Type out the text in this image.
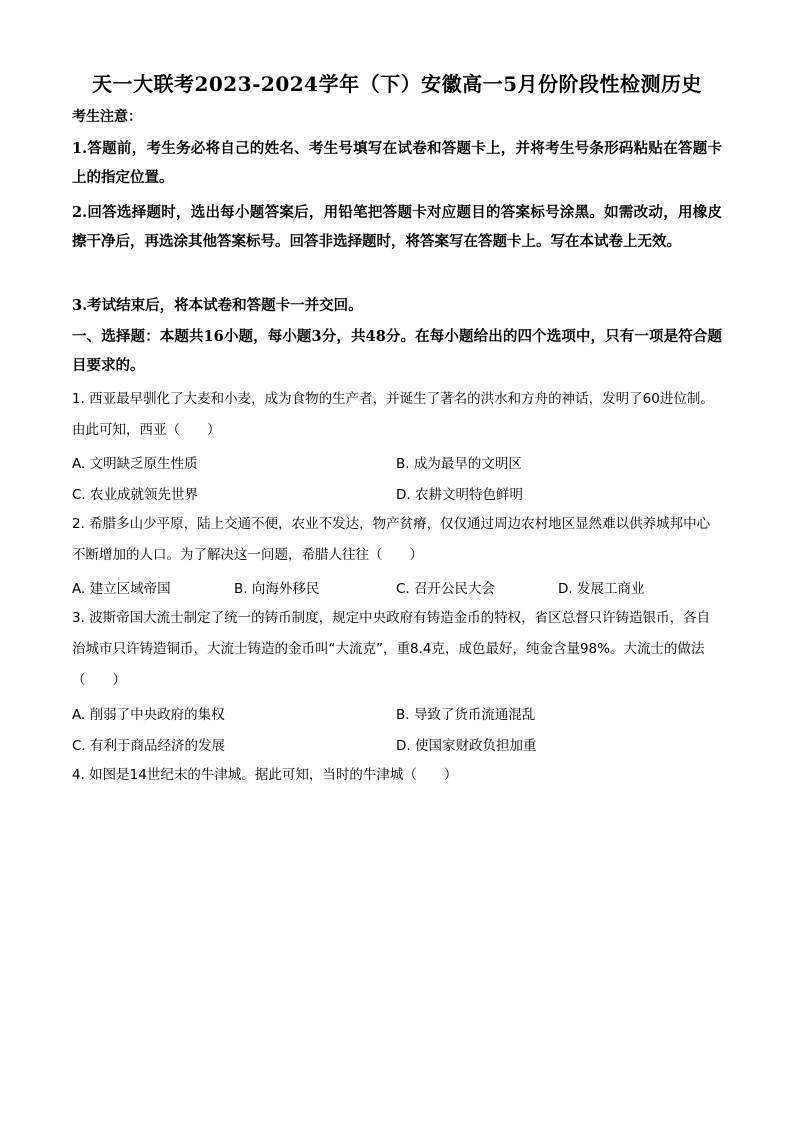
天一大联考2023-2024学年（下）安徽高一5月份阶段性检测历史
考生注意：
1.答题前，考生务必将自己的姓名、考生号填写在试卷和答题卡上，并将考生号条形码粘贴在答题卡上的指定位置。
2.回答选择题时，选出每小题答案后，用铅笔把答题卡对应题目的答案标号涂黑。如需改动，用橡皮擦干净后，再选涂其他答案标号。回答非选择题时，将答案写在答题卡上。写在本试卷上无效。
3.考试结束后，将本试卷和答题卡一并交回。
一、选择题：本题共16小题，每小题3分，共48分。在每小题给出的四个选项中，只有一项是符合题目要求的。
1. 西亚最早驯化了大麦和小麦，成为食物的生产者，并诞生了著名的洪水和方舟的神话，发明了60进位制。由此可知，西亚（　　）
A. 文明缺乏原生性质	B. 成为最早的文明区
C. 农业成就领先世界	D. 农耕文明特色鲜明
2. 希腊多山少平原，陆上交通不便，农业不发达，物产贫瘠，仅仅通过周边农村地区显然难以供养城邦中心不断增加的人口。为了解决这一问题，希腊人往往（　　）
A. 建立区域帝国	B. 向海外移民	C. 召开公民大会	D. 发展工商业
3. 波斯帝国大流士制定了统一的铸币制度，规定中央政府有铸造金币的特权，省区总督只许铸造银币，各自治城市只许铸造铜币，大流士铸造的金币叫“大流克”，重8.4克，成色最好，纯金含量98%。大流士的做法（　　）
A. 削弱了中央政府的集权	B. 导致了货币流通混乱
C. 有利于商品经济的发展	D. 使国家财政负担加重
4. 如图是14世纪末的牛津城。据此可知，当时的牛津城（　　）
